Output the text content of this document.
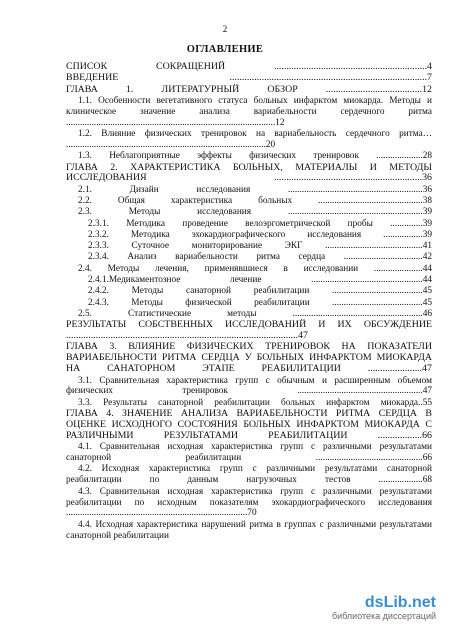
2
ОГЛАВЛЕНИЕ
СПИСОК СОКРАЩЕНИЙ ..............................................................4
ВВЕДЕНИЕ ................................................................................7
ГЛАВА 1. ЛИТЕРАТУРНЫЙ ОБЗОР .......................................12
1.1. Особенности вегетативного статуса больных инфарктом миокарда. Методы и клиническое значение анализа вариабельности сердечного ритма ..........................................................................................12
1.2. Влияние физических тренировок на вариабельность сердечного ритма… ......................................................................................20
1.3. Неблагоприятные эффекты физических тренировок ....................28
ГЛАВА 2. ХАРАКТЕРИСТИКА БОЛЬНЫХ, МАТЕРИАЛЫ И МЕТОДЫ ИССЛЕДОВАНИЯ ............................................................36
2.1. Дизайн исследования ..........................................................36
2.2. Общая характеристика больных .............................................38
2.3. Методы исследования ..........................................................39
2.3.1. Методика проведение велоэргометрической пробы ..............39
2.3.2. Методика эхокардиографического исследования .................39
2.3.3. Суточное мониторирование ЭКГ ..........................................41
2.3.4. Анализ вариабельности ритма сердца ..................................42
2.4. Методы лечения, применявшиеся в исследовании .....................44
2.4.1.Медикаментозное лечение ................................................44
2.4.2. Методы санаторной реабилитации .......................................45
2.4.3. Методы физической реабилитации .......................................45
2.5. Статистические методы ........................................................46
РЕЗУЛЬТАТЫ СОБСТВЕННЫХ ИССЛЕДОВАНИЙ И ИХ ОБСУЖДЕНИЕ ..............................................................................................47
ГЛАВА 3. ВЛИЯНИЕ ФИЗИЧЕСКИХ ТРЕНИРОВОК НА ПОКАЗАТЕЛИ ВАРИАБЕЛЬНОСТИ РИТМА СЕРДЦА У БОЛЬНЫХ ИНФАРКТОМ МИОКАРДА НА САНАТОРНОМ ЭТАПЕ РЕАБИЛИТАЦИИ ......................47
3.1. Сравнительная характеристика групп с обычным и расширенным объемом физических тренировок ......................................................47
3.3. Результаты санаторной реабилитации больных инфарктом миокарда..55
ГЛАВА 4. ЗНАЧЕНИЕ АНАЛИЗА ВАРИАБЕЛЬНОСТИ РИТМА СЕРДЦА В ОЦЕНКЕ ИСХОДНОГО СОСТОЯНИЯ БОЛЬНЫХ ИНФАРКТОМ МИОКАРДА С РАЗЛИЧНЫМИ РЕЗУЛЬТАТАМИ РЕАБИЛИТАЦИИ ..................66
4.1. Сравнительная исходная характеристика групп с различными результатами санаторной реабилитации ..............................................66
4.2. Исходная характеристика групп с различными результатами санаторной реабилитации по данным нагрузочных тестов ...................68
4.3. Сравнительная исходная характеристика групп с различными результатами реабилитации по исходным показателям эхокардиографического исследования ..............................................................................70
4.4. Исходная характеристика нарушений ритма в группах с различными результатами санаторной реабилитации
dsLib.net
библиотека диссертаций
